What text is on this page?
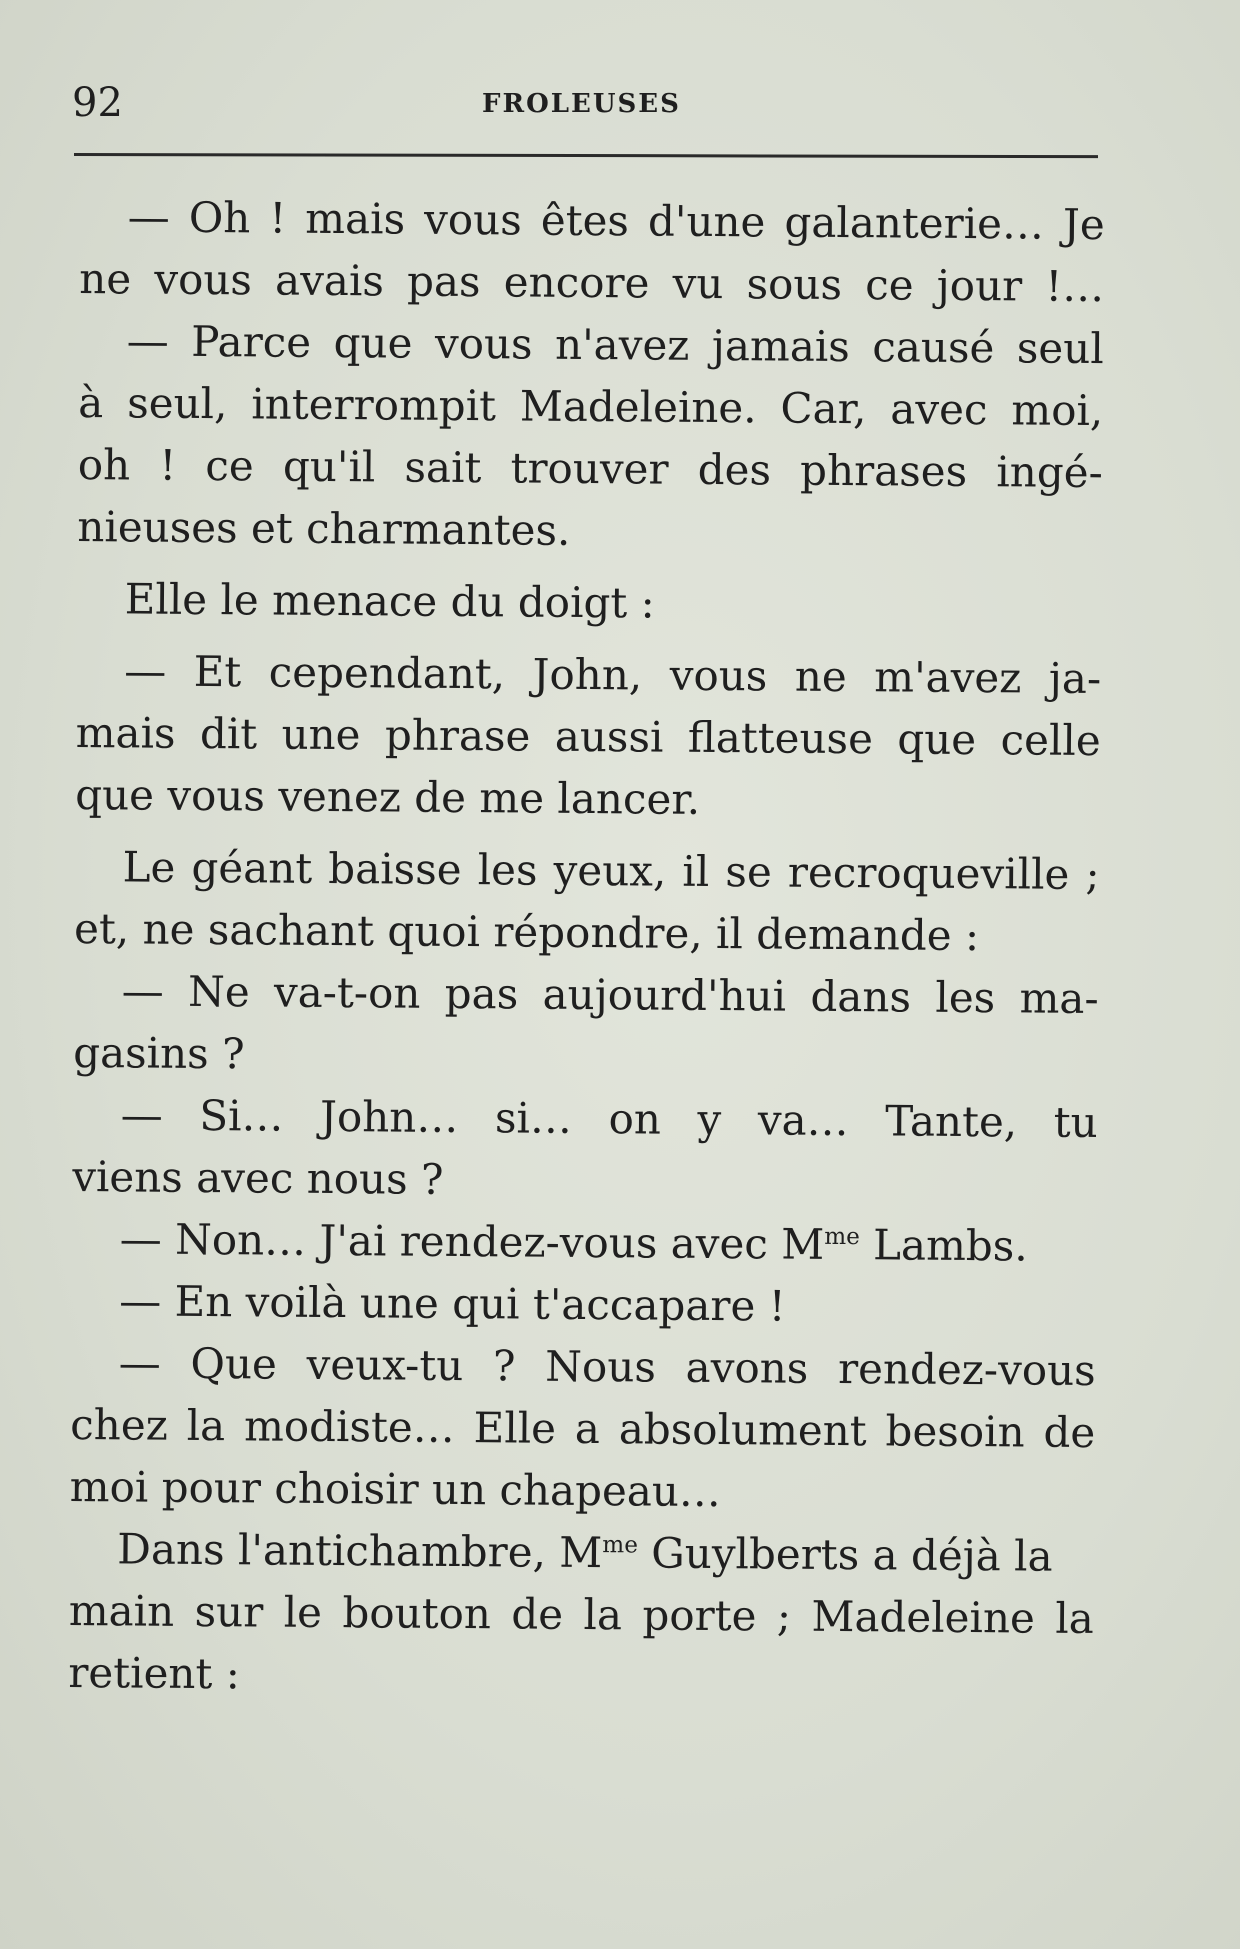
92	FROLEUSES
— Oh ! mais vous êtes d'une galanterie… Je
ne vous avais pas encore vu sous ce jour !…
— Parce que vous n'avez jamais causé seul
à seul, interrompit Madeleine. Car, avec moi,
oh ! ce qu'il sait trouver des phrases ingé-
nieuses et charmantes.
Elle le menace du doigt :
— Et cependant, John, vous ne m'avez ja-
mais dit une phrase aussi flatteuse que celle
que vous venez de me lancer.
Le géant baisse les yeux, il se recroqueville ;
et, ne sachant quoi répondre, il demande :
— Ne va-t-on pas aujourd'hui dans les ma-
gasins ?
— Si… John… si… on y va… Tante, tu
viens avec nous ?
— Non… J'ai rendez-vous avec $M^{me}$ Lambs.
— En voilà une qui t'accapare !
— Que veux-tu ? Nous avons rendez-vous
chez la modiste… Elle a absolument besoin de
moi pour choisir un chapeau…
Dans l'antichambre, $M^{me}$ Guylberts a déjà la
main sur le bouton de la porte ; Madeleine la
retient :
